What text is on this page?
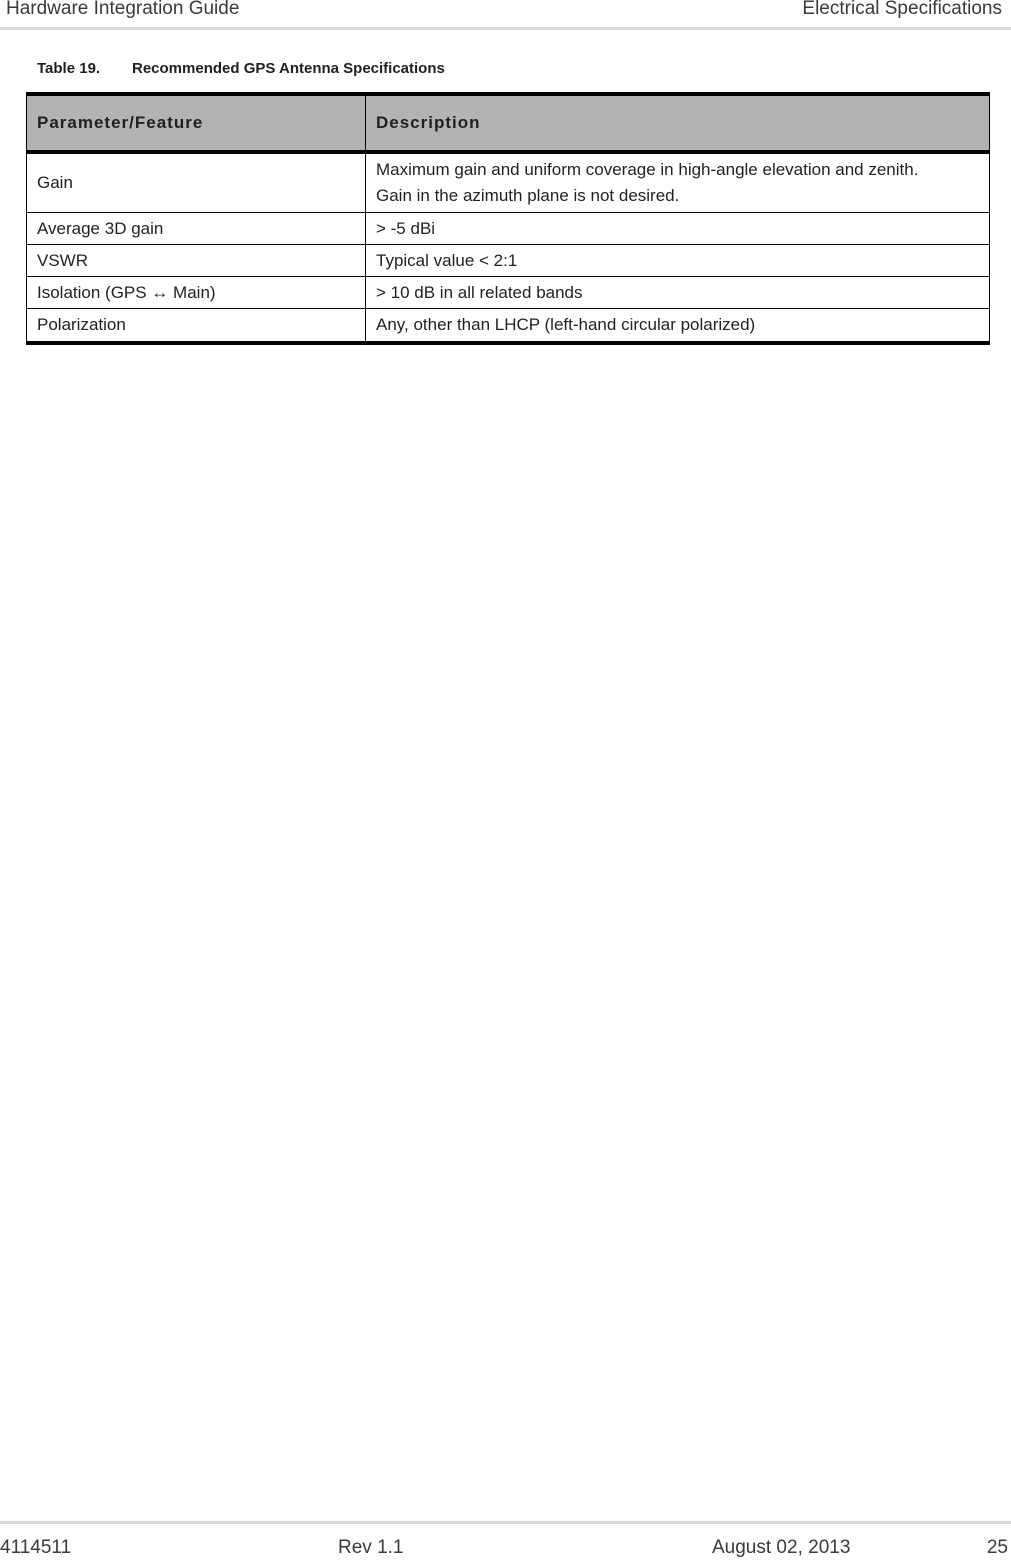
Hardware Integration Guide	Electrical Specifications
Table 19. Recommended GPS Antenna Specifications
Parameter/Feature	Description
Gain	Maximum gain and uniform coverage in high-angle elevation and zenith.
Gain in the azimuth plane is not desired.

Average 3D gain	> -5 dBi
VSWR	Typical value < 2:1
Isolation (GPS ↔ Main)	> 10 dB in all related bands
Polarization	Any, other than LHCP (left-hand circular polarized)
4114511	Rev 1.1	August 02, 2013	25
